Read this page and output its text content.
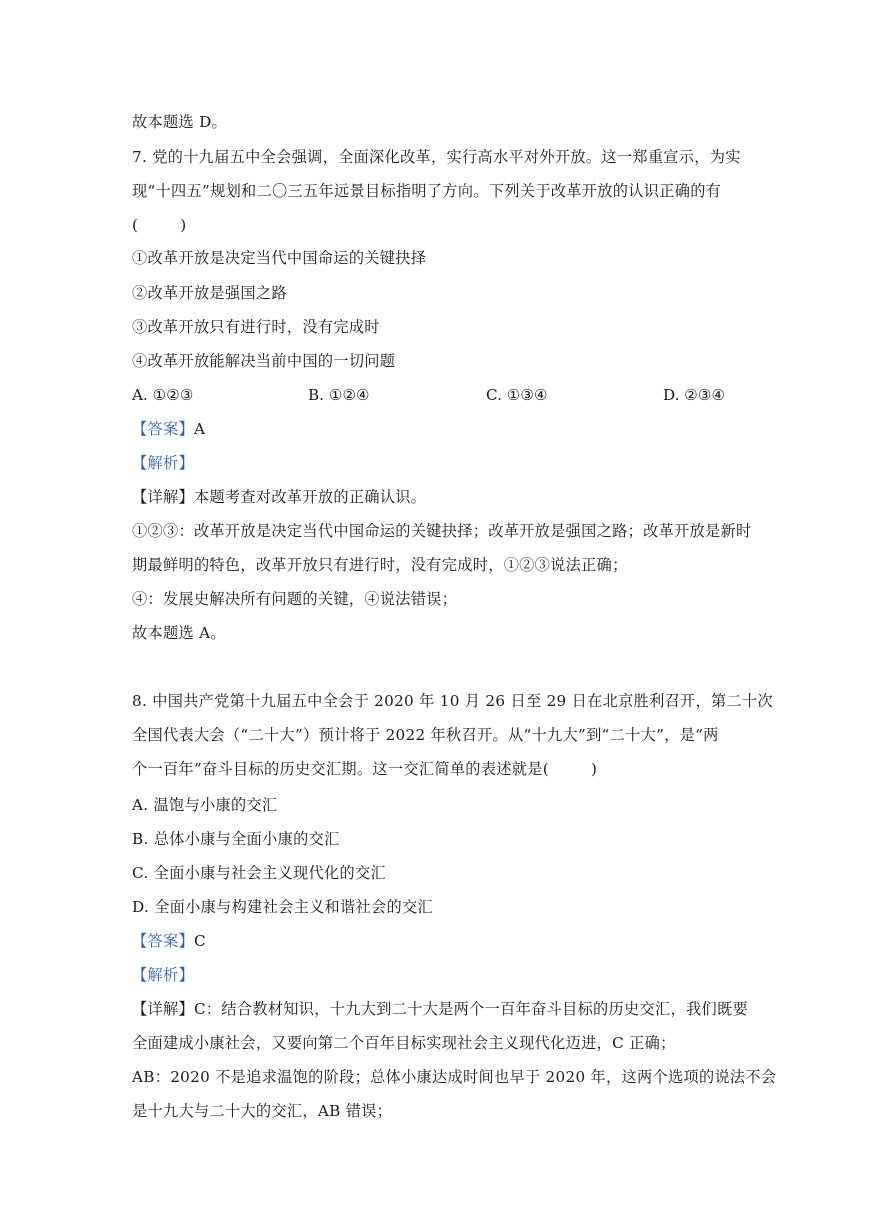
故本题选 D。
7. 党的十九届五中全会强调，全面深化改革，实行高水平对外开放。这一郑重宣示，为实
现“十四五”规划和二〇三五年远景目标指明了方向。下列关于改革开放的认识正确的有
(	)
①改革开放是决定当代中国命运的关键抉择
②改革开放是强国之路
③改革开放只有进行时，没有完成时
④改革开放能解决当前中国的一切问题
A. ①②③	B. ①②④	C. ①③④	D. ②③④
【答案】A
【解析】
【详解】本题考查对改革开放的正确认识。
①②③：改革开放是决定当代中国命运的关键抉择；改革开放是强国之路；改革开放是新时
期最鲜明的特色，改革开放只有进行时，没有完成时，①②③说法正确；
④：发展史解决所有问题的关键，④说法错误；
故本题选 A。
8. 中国共产党第十九届五中全会于 2020 年 10 月 26 日至 29 日在北京胜利召开，第二十次
全国代表大会（“二十大”）预计将于 2022 年秋召开。从“十九大”到“二十大”，是“两
个一百年”奋斗目标的历史交汇期。这一交汇简单的表述就是(	)
A. 温饱与小康的交汇
B. 总体小康与全面小康的交汇
C. 全面小康与社会主义现代化的交汇
D. 全面小康与构建社会主义和谐社会的交汇
【答案】C
【解析】
【详解】C：结合教材知识，十九大到二十大是两个一百年奋斗目标的历史交汇，我们既要
全面建成小康社会，又要向第二个百年目标实现社会主义现代化迈进，C 正确；
AB：2020 不是追求温饱的阶段；总体小康达成时间也早于 2020 年，这两个选项的说法不会
是十九大与二十大的交汇，AB 错误；
